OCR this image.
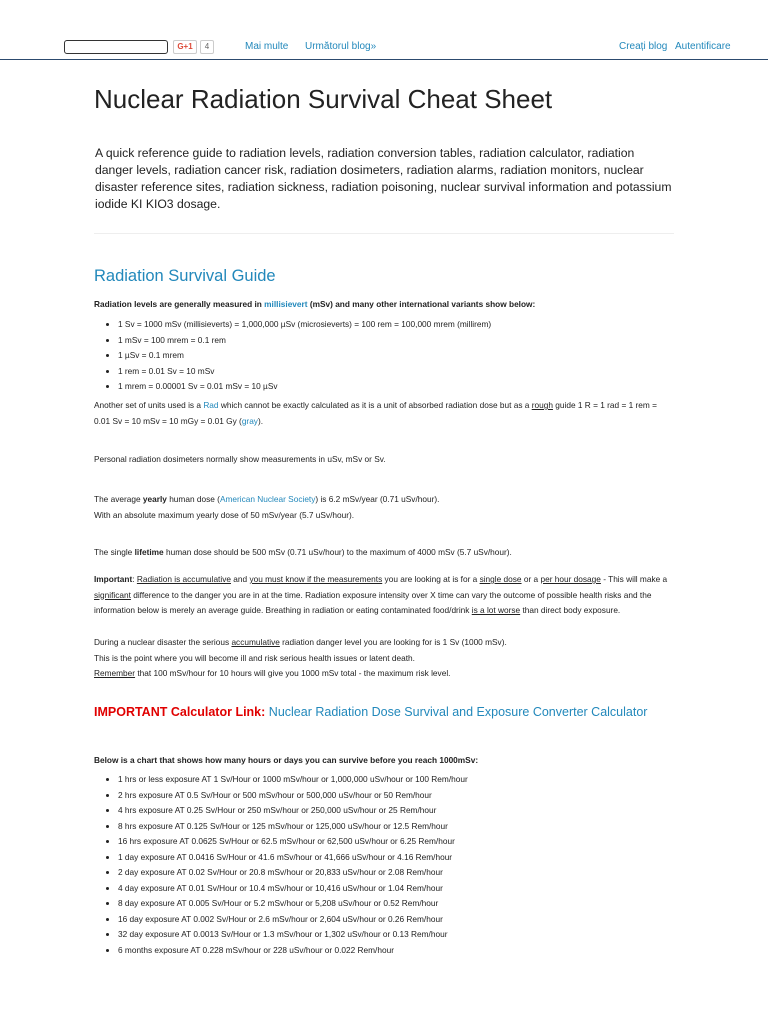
G+1	4	Mai multe Următorul blog»	Creați blog Autentificare
Nuclear Radiation Survival Cheat Sheet

A quick reference guide to radiation levels, radiation conversion tables, radiation calculator, radiation danger levels, radiation cancer risk, radiation dosimeters, radiation alarms, radiation monitors, nuclear disaster reference sites, radiation sickness, radiation poisoning, nuclear survival information and potassium iodide KI KIO3 dosage.

Radiation Survival Guide

Radiation levels are generally measured in millisievert (mSv) and many other international variants show below:

• 1 Sv = 1000 mSv (millisieverts) = 1,000,000 µSv (microsieverts) = 100 rem = 100,000 mrem (millirem)
• 1 mSv = 100 mrem = 0.1 rem
• 1 µSv = 0.1 mrem
• 1 rem = 0.01 Sv = 10 mSv
• 1 mrem = 0.00001 Sv = 0.01 mSv = 10 µSv

Another set of units used is a Rad which cannot be exactly calculated as it is a unit of absorbed radiation dose but as a rough guide 1 R = 1 rad = 1 rem = 0.01 Sv = 10 mSv = 10 mGy = 0.01 Gy (gray).

Personal radiation dosimeters normally show measurements in uSv, mSv or Sv.

The average yearly human dose (American Nuclear Society) is 6.2 mSv/year (0.71 uSv/hour).
With an absolute maximum yearly dose of 50 mSv/year (5.7 uSv/hour).

The single lifetime human dose should be 500 mSv (0.71 uSv/hour) to the maximum of 4000 mSv (5.7 uSv/hour).

Important: Radiation is accumulative and you must know if the measurements you are looking at is for a single dose or a per hour dosage - This will make a significant difference to the danger you are in at the time. Radiation exposure intensity over X time can vary the outcome of possible health risks and the information below is merely an average guide. Breathing in radiation or eating contaminated food/drink is a lot worse than direct body exposure.

During a nuclear disaster the serious accumulative radiation danger level you are looking for is 1 Sv (1000 mSv).
This is the point where you will become ill and risk serious health issues or latent death.
Remember that 100 mSv/hour for 10 hours will give you 1000 mSv total - the maximum risk level.

IMPORTANT Calculator Link: Nuclear Radiation Dose Survival and Exposure Converter Calculator

Below is a chart that shows how many hours or days you can survive before you reach 1000mSv:

• 1 hrs or less exposure AT 1 Sv/Hour or 1000 mSv/hour or 1,000,000 uSv/hour or 100 Rem/hour
• 2 hrs exposure AT 0.5 Sv/Hour or 500 mSv/hour or 500,000 uSv/hour or 50 Rem/hour
• 4 hrs exposure AT 0.25 Sv/Hour or 250 mSv/hour or 250,000 uSv/hour or 25 Rem/hour
• 8 hrs exposure AT 0.125 Sv/Hour or 125 mSv/hour or 125,000 uSv/hour or 12.5 Rem/hour
• 16 hrs exposure AT 0.0625 Sv/Hour or 62.5 mSv/hour or 62,500 uSv/hour or 6.25 Rem/hour
• 1 day exposure AT 0.0416 Sv/Hour or 41.6 mSv/hour or 41,666 uSv/hour or 4.16 Rem/hour
• 2 day exposure AT 0.02 Sv/Hour or 20.8 mSv/hour or 20,833 uSv/hour or 2.08 Rem/hour
• 4 day exposure AT 0.01 Sv/Hour or 10.4 mSv/hour or 10,416 uSv/hour or 1.04 Rem/hour
• 8 day exposure AT 0.005 Sv/Hour or 5.2 mSv/hour or 5,208 uSv/hour or 0.52 Rem/hour
• 16 day exposure AT 0.002 Sv/Hour or 2.6 mSv/hour or 2,604 uSv/hour or 0.26 Rem/hour
• 32 day exposure AT 0.0013 Sv/Hour or 1.3 mSv/hour or 1,302 uSv/hour or 0.13 Rem/hour
• 6 months exposure AT 0.228 mSv/hour or 228 uSv/hour or 0.022 Rem/hour
